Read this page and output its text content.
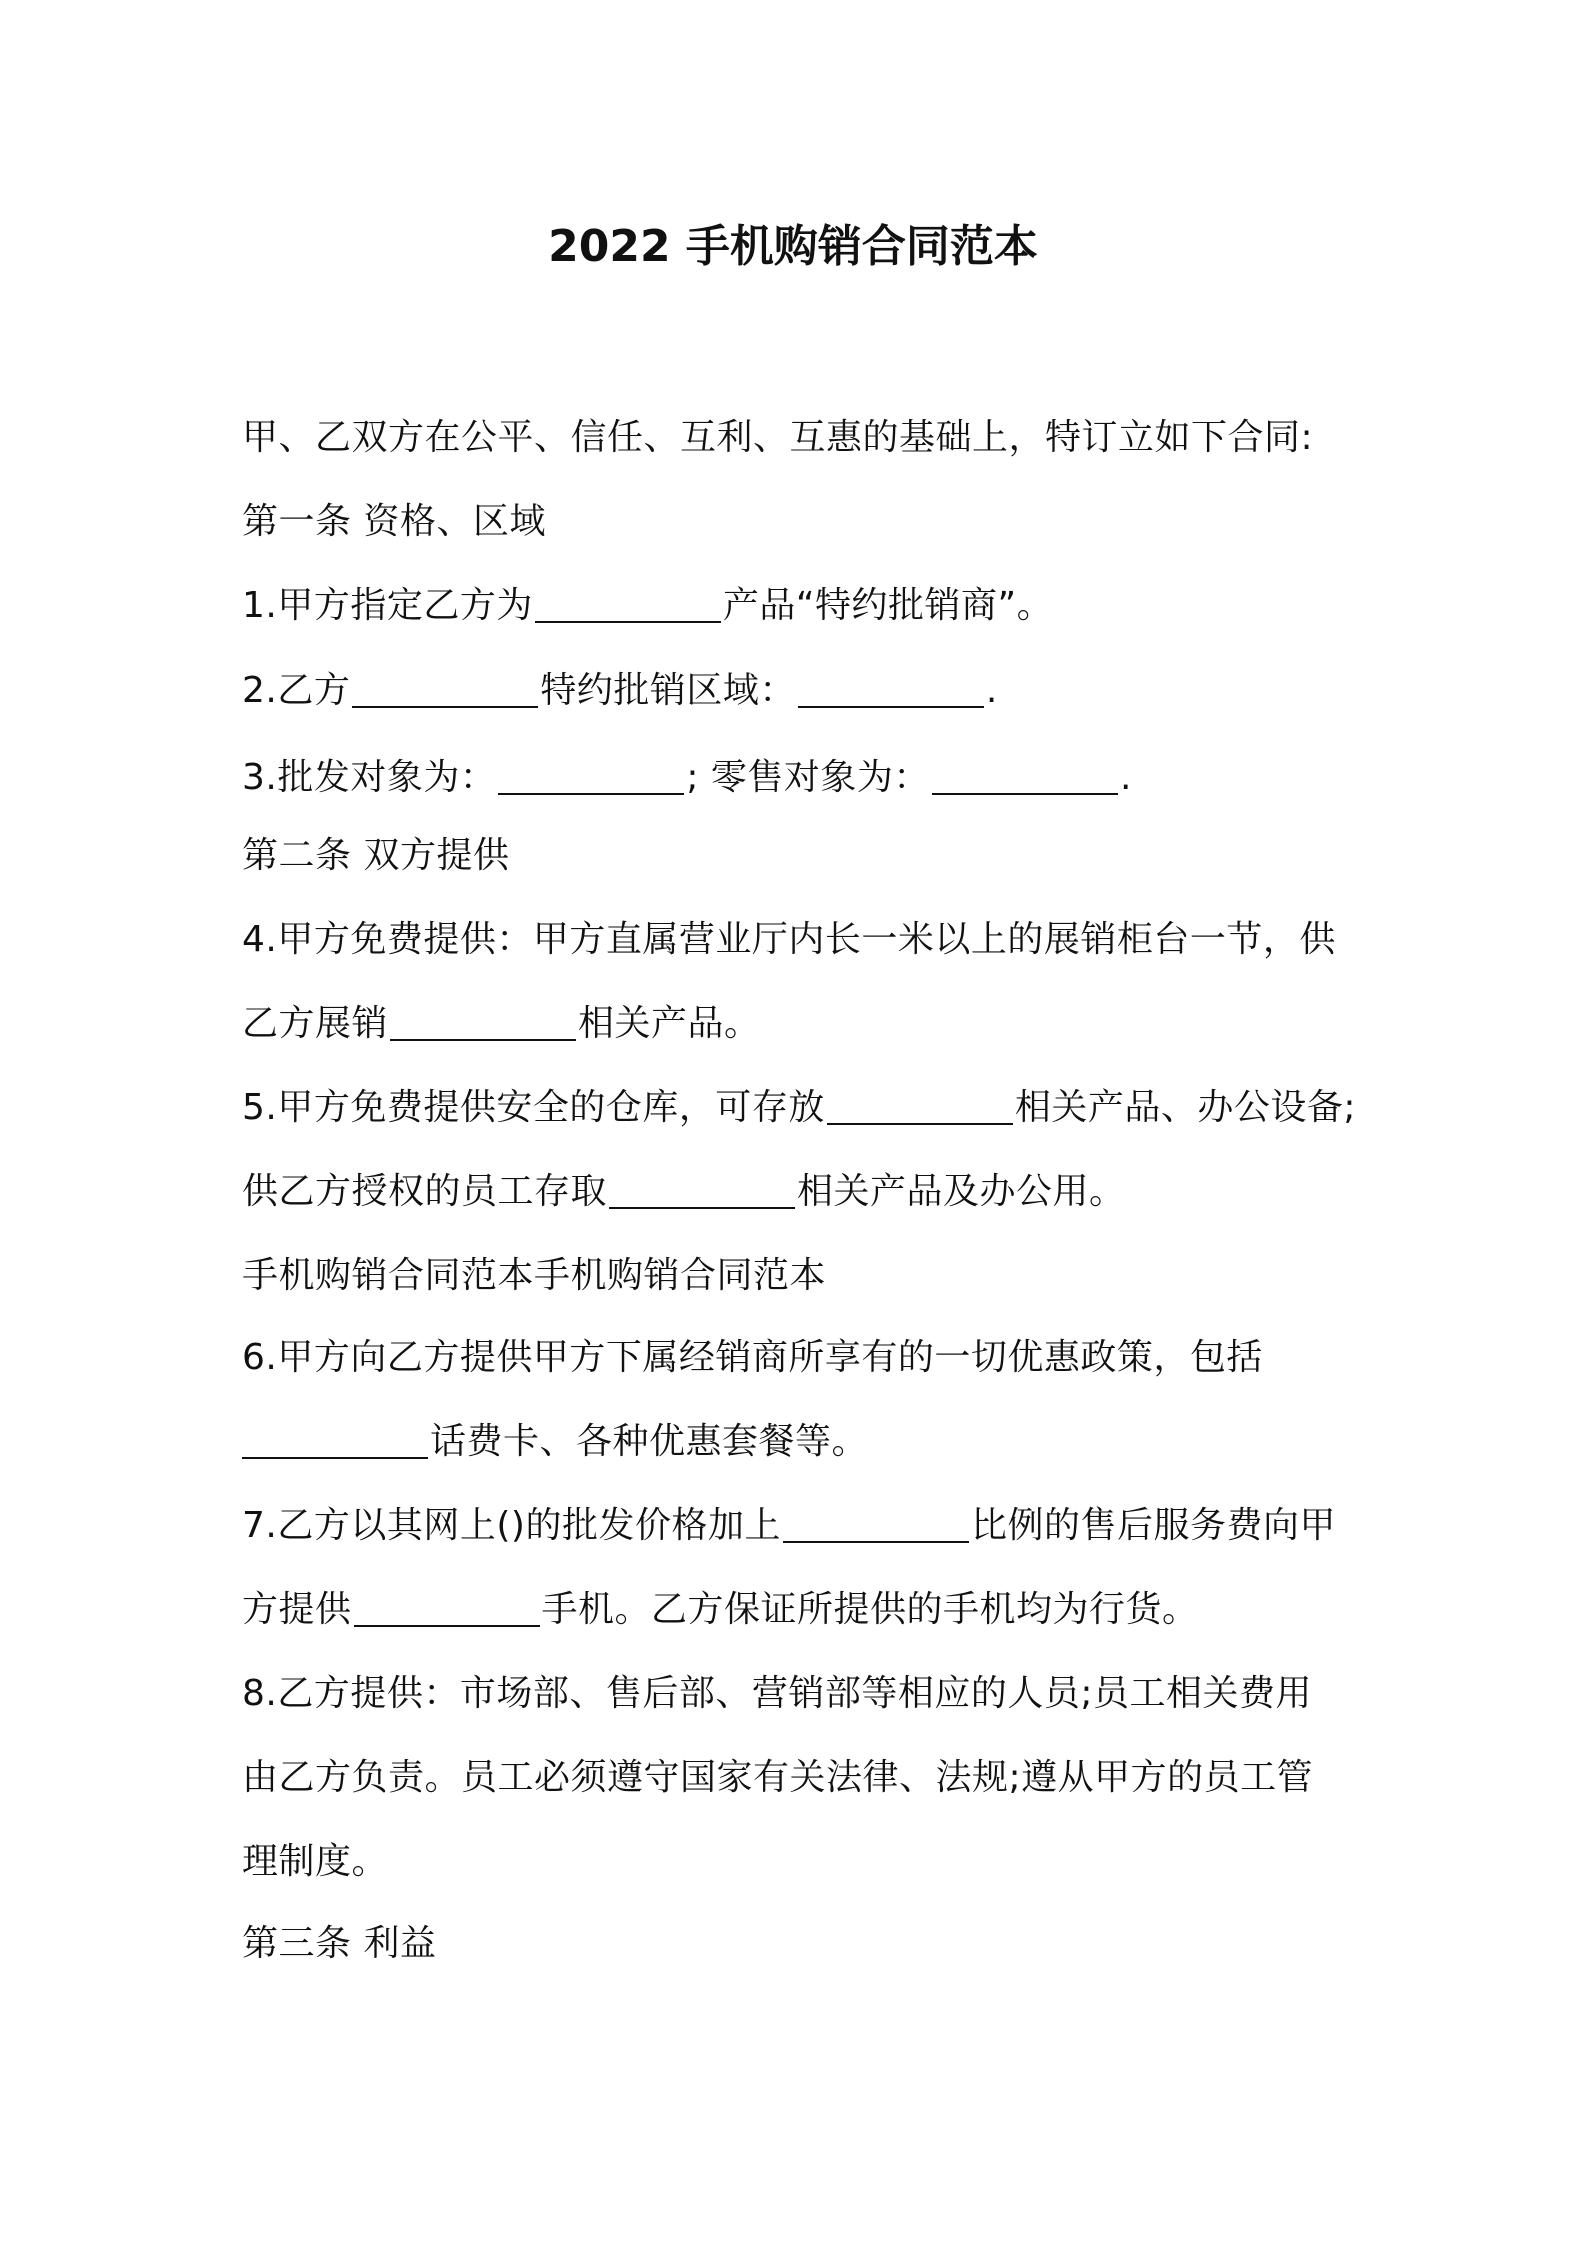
2022 手机购销合同范本
甲、乙双方在公平、信任、互利、互惠的基础上，特订立如下合同:
第一条 资格、区域
1.甲方指定乙方为	产品“特约批销商”。
2.乙方	特约批销区域：	.
3.批发对象为：	; 零售对象为：	.
第二条 双方提供
4.甲方免费提供：甲方直属营业厅内长一米以上的展销柜台一节，供
乙方展销	相关产品。
5.甲方免费提供安全的仓库，可存放	相关产品、办公设备;
供乙方授权的员工存取	相关产品及办公用。
手机购销合同范本手机购销合同范本
6.甲方向乙方提供甲方下属经销商所享有的一切优惠政策，包括
话费卡、各种优惠套餐等。
7.乙方以其网上()的批发价格加上	比例的售后服务费向甲
方提供	手机。乙方保证所提供的手机均为行货。
8.乙方提供：市场部、售后部、营销部等相应的人员;员工相关费用
由乙方负责。员工必须遵守国家有关法律、法规;遵从甲方的员工管
理制度。
第三条 利益
